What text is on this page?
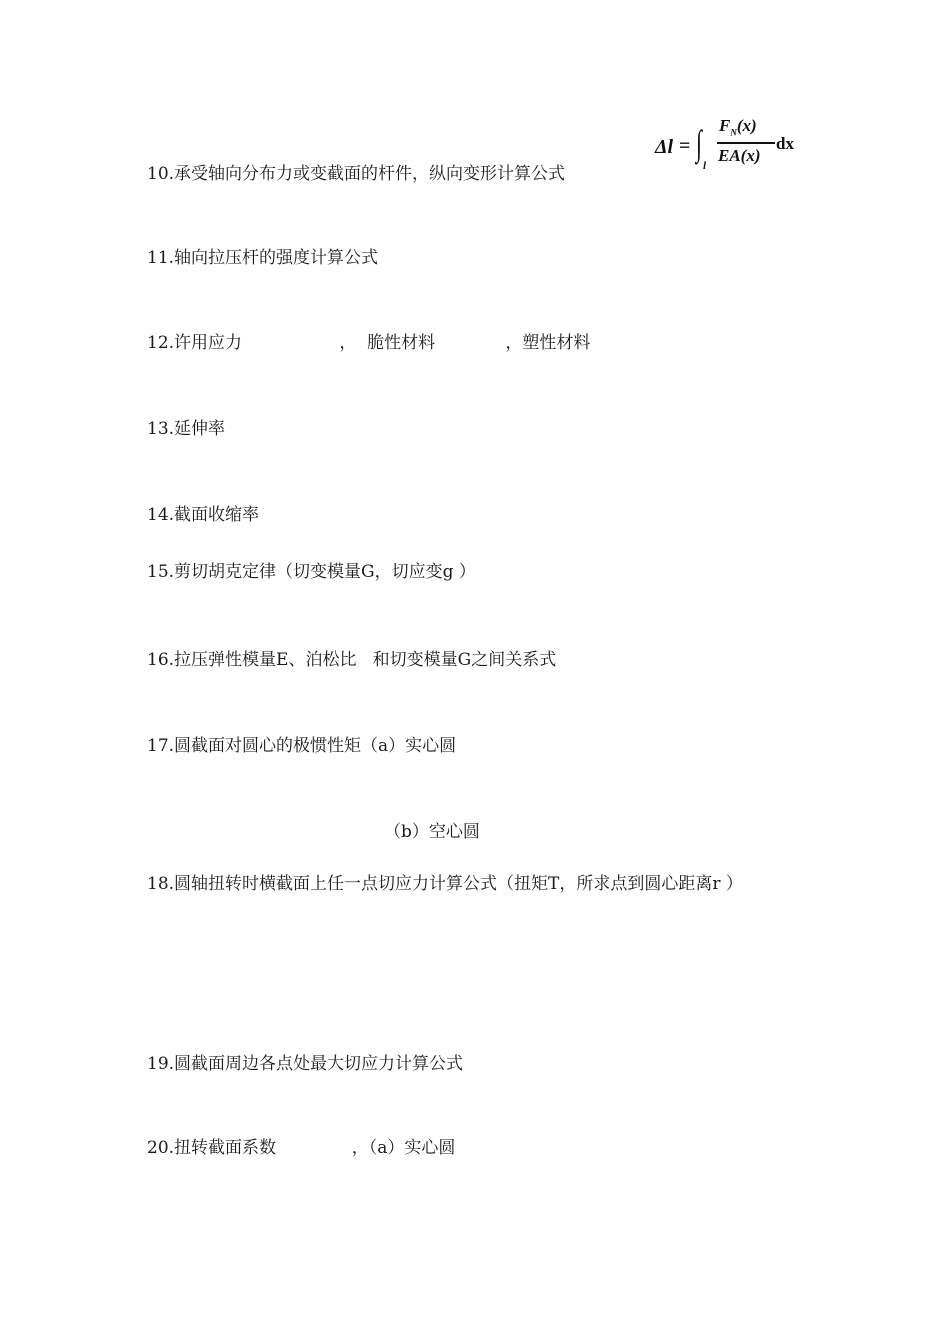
10.承受轴向分布力或变截面的杆件，纵向变形计算公式
Δl = ∫
l
$F_N(x)$
EA(x)
dx
11.轴向拉压杆的强度计算公式
12.许用应力                  ，  脆性材料             ，塑性材料
13.延伸率
14.截面收缩率
15.剪切胡克定律（切变模量G，切应变g ）
16.拉压弹性模量E、泊松比   和切变模量G之间关系式
17.圆截面对圆心的极惯性矩（a）实心圆
（b）空心圆
18.圆轴扭转时横截面上任一点切应力计算公式（扭矩T，所求点到圆心距离r ）
19.圆截面周边各点处最大切应力计算公式
20.扭转截面系数              ，（a）实心圆
